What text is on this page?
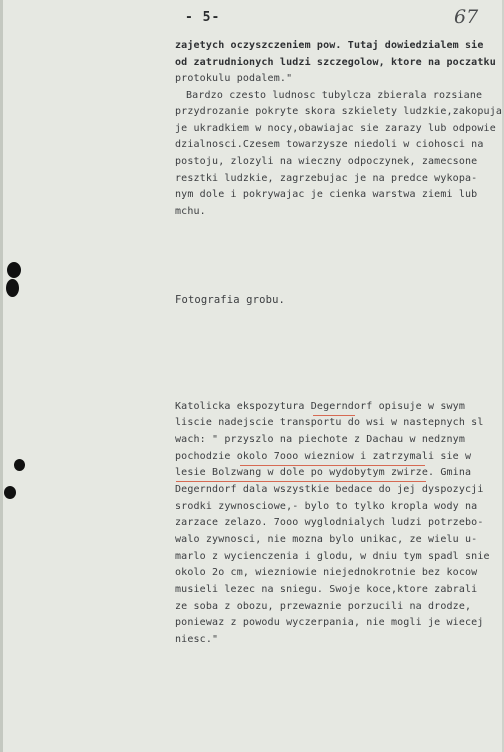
- 5-	67
zajetych oczyszczeniem pow. Tutaj dowiedzialem sie
od zatrudnionych ludzi szczegolow, ktore na poczatku
protokulu podalem."
Bardzo czesto ludnosc tubylcza zbierala rozsiane
przydrozanie pokryte skora szkielety ludzkie,zakopuja
je ukradkiem w nocy,obawiajac sie zarazy lub odpowie
dzialnosci.Czesem towarzysze niedoli w ciohosci na
postoju, zlozyli na wieczny odpoczynek, zamecsone
resztki ludzkie, zagrzebujac je na predce wykopa-
nym dole i pokrywajac je cienka warstwa ziemi lub
mchu.
Fotografia grobu.
Katolicka ekspozytura Degerndorf opisuje w swym
liscie nadejscie transportu do wsi w nastepnych sl
wach: " przyszlo na piechote z Dachau w nedznym
pochodzie okolo 7ooo wiezniow i zatrzymali sie w
lesie Bolzwang w dole po wydobytym zwirze. Gmina
Degerndorf dala wszystkie bedace do jej dyspozycji
srodki zywnosciowe,- bylo to tylko kropla wody na
zarzace zelazo. 7ooo wyglodnialych ludzi potrzebo-
walo zywnosci, nie mozna bylo unikac, ze wielu u-
marlo z wycienczenia i glodu, w dniu tym spadl snie
okolo 2o cm, wiezniowie niejednokrotnie bez kocow
musieli lezec na sniegu. Swoje koce,ktore zabrali
ze soba z obozu, przewaznie porzucili na drodze,
poniewaz z powodu wyczerpania, nie mogli je wiecej
niesc."
